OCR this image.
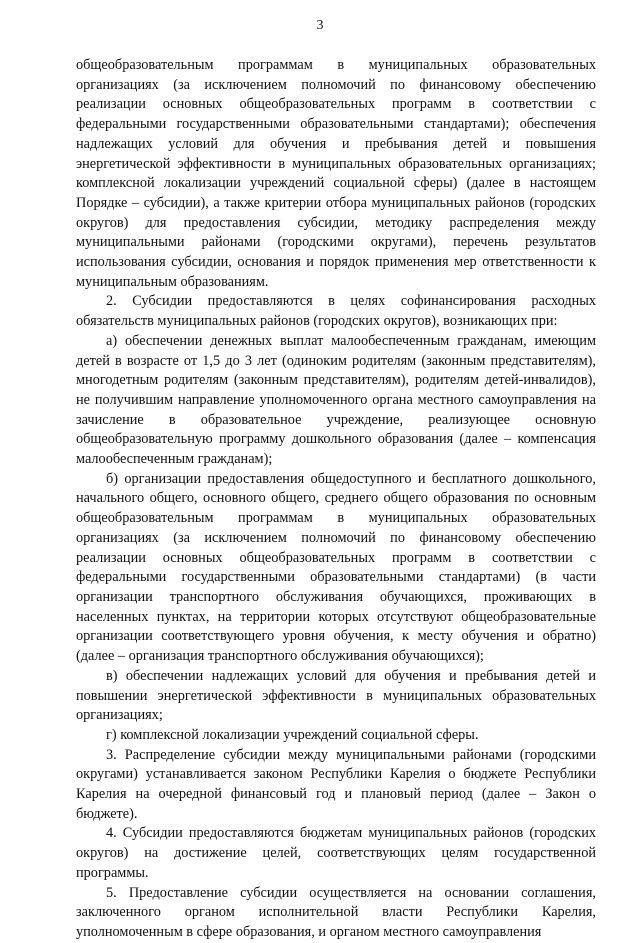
3

общеобразовательным программам в муниципальных образовательных организациях (за исключением полномочий по финансовому обеспечению реализации основных общеобразовательных программ в соответствии с федеральными государственными образовательными стандартами); обеспечения надлежащих условий для обучения и пребывания детей и повышения энергетической эффективности в муниципальных образовательных организациях; комплексной локализации учреждений социальной сферы) (далее в настоящем Порядке – субсидии), а также критерии отбора муниципальных районов (городских округов) для предоставления субсидии, методику распределения между муниципальными районами (городскими округами), перечень результатов использования субсидии, основания и порядок применения мер ответственности к муниципальным образованиям.

2. Субсидии предоставляются в целях софинансирования расходных обязательств муниципальных районов (городских округов), возникающих при:

а) обеспечении денежных выплат малообеспеченным гражданам, имеющим детей в возрасте от 1,5 до 3 лет (одиноким родителям (законным представителям), многодетным родителям (законным представителям), родителям детей-инвалидов), не получившим направление уполномоченного органа местного самоуправления на зачисление в образовательное учреждение, реализующее основную общеобразовательную программу дошкольного образования (далее – компенсация малообеспеченным гражданам);

б) организации предоставления общедоступного и бесплатного дошкольного, начального общего, основного общего, среднего общего образования по основным общеобразовательным программам в муниципальных образовательных организациях (за исключением полномочий по финансовому обеспечению реализации основных общеобразовательных программ в соответствии с федеральными государственными образовательными стандартами) (в части организации транспортного обслуживания обучающихся, проживающих в населенных пунктах, на территории которых отсутствуют общеобразовательные организации соответствующего уровня обучения, к месту обучения и обратно) (далее – организация транспортного обслуживания обучающихся);

в) обеспечении надлежащих условий для обучения и пребывания детей и повышении энергетической эффективности в муниципальных образовательных организациях;

г) комплексной локализации учреждений социальной сферы.

3. Распределение субсидии между муниципальными районами (городскими округами) устанавливается законом Республики Карелия о бюджете Республики Карелия на очередной финансовый год и плановый период (далее – Закон о бюджете).

4. Субсидии предоставляются бюджетам муниципальных районов (городских округов) на достижение целей, соответствующих целям государственной программы.

5. Предоставление субсидии осуществляется на основании соглашения, заключенного органом исполнительной власти Республики Карелия, уполномоченным в сфере образования, и органом местного самоуправления
